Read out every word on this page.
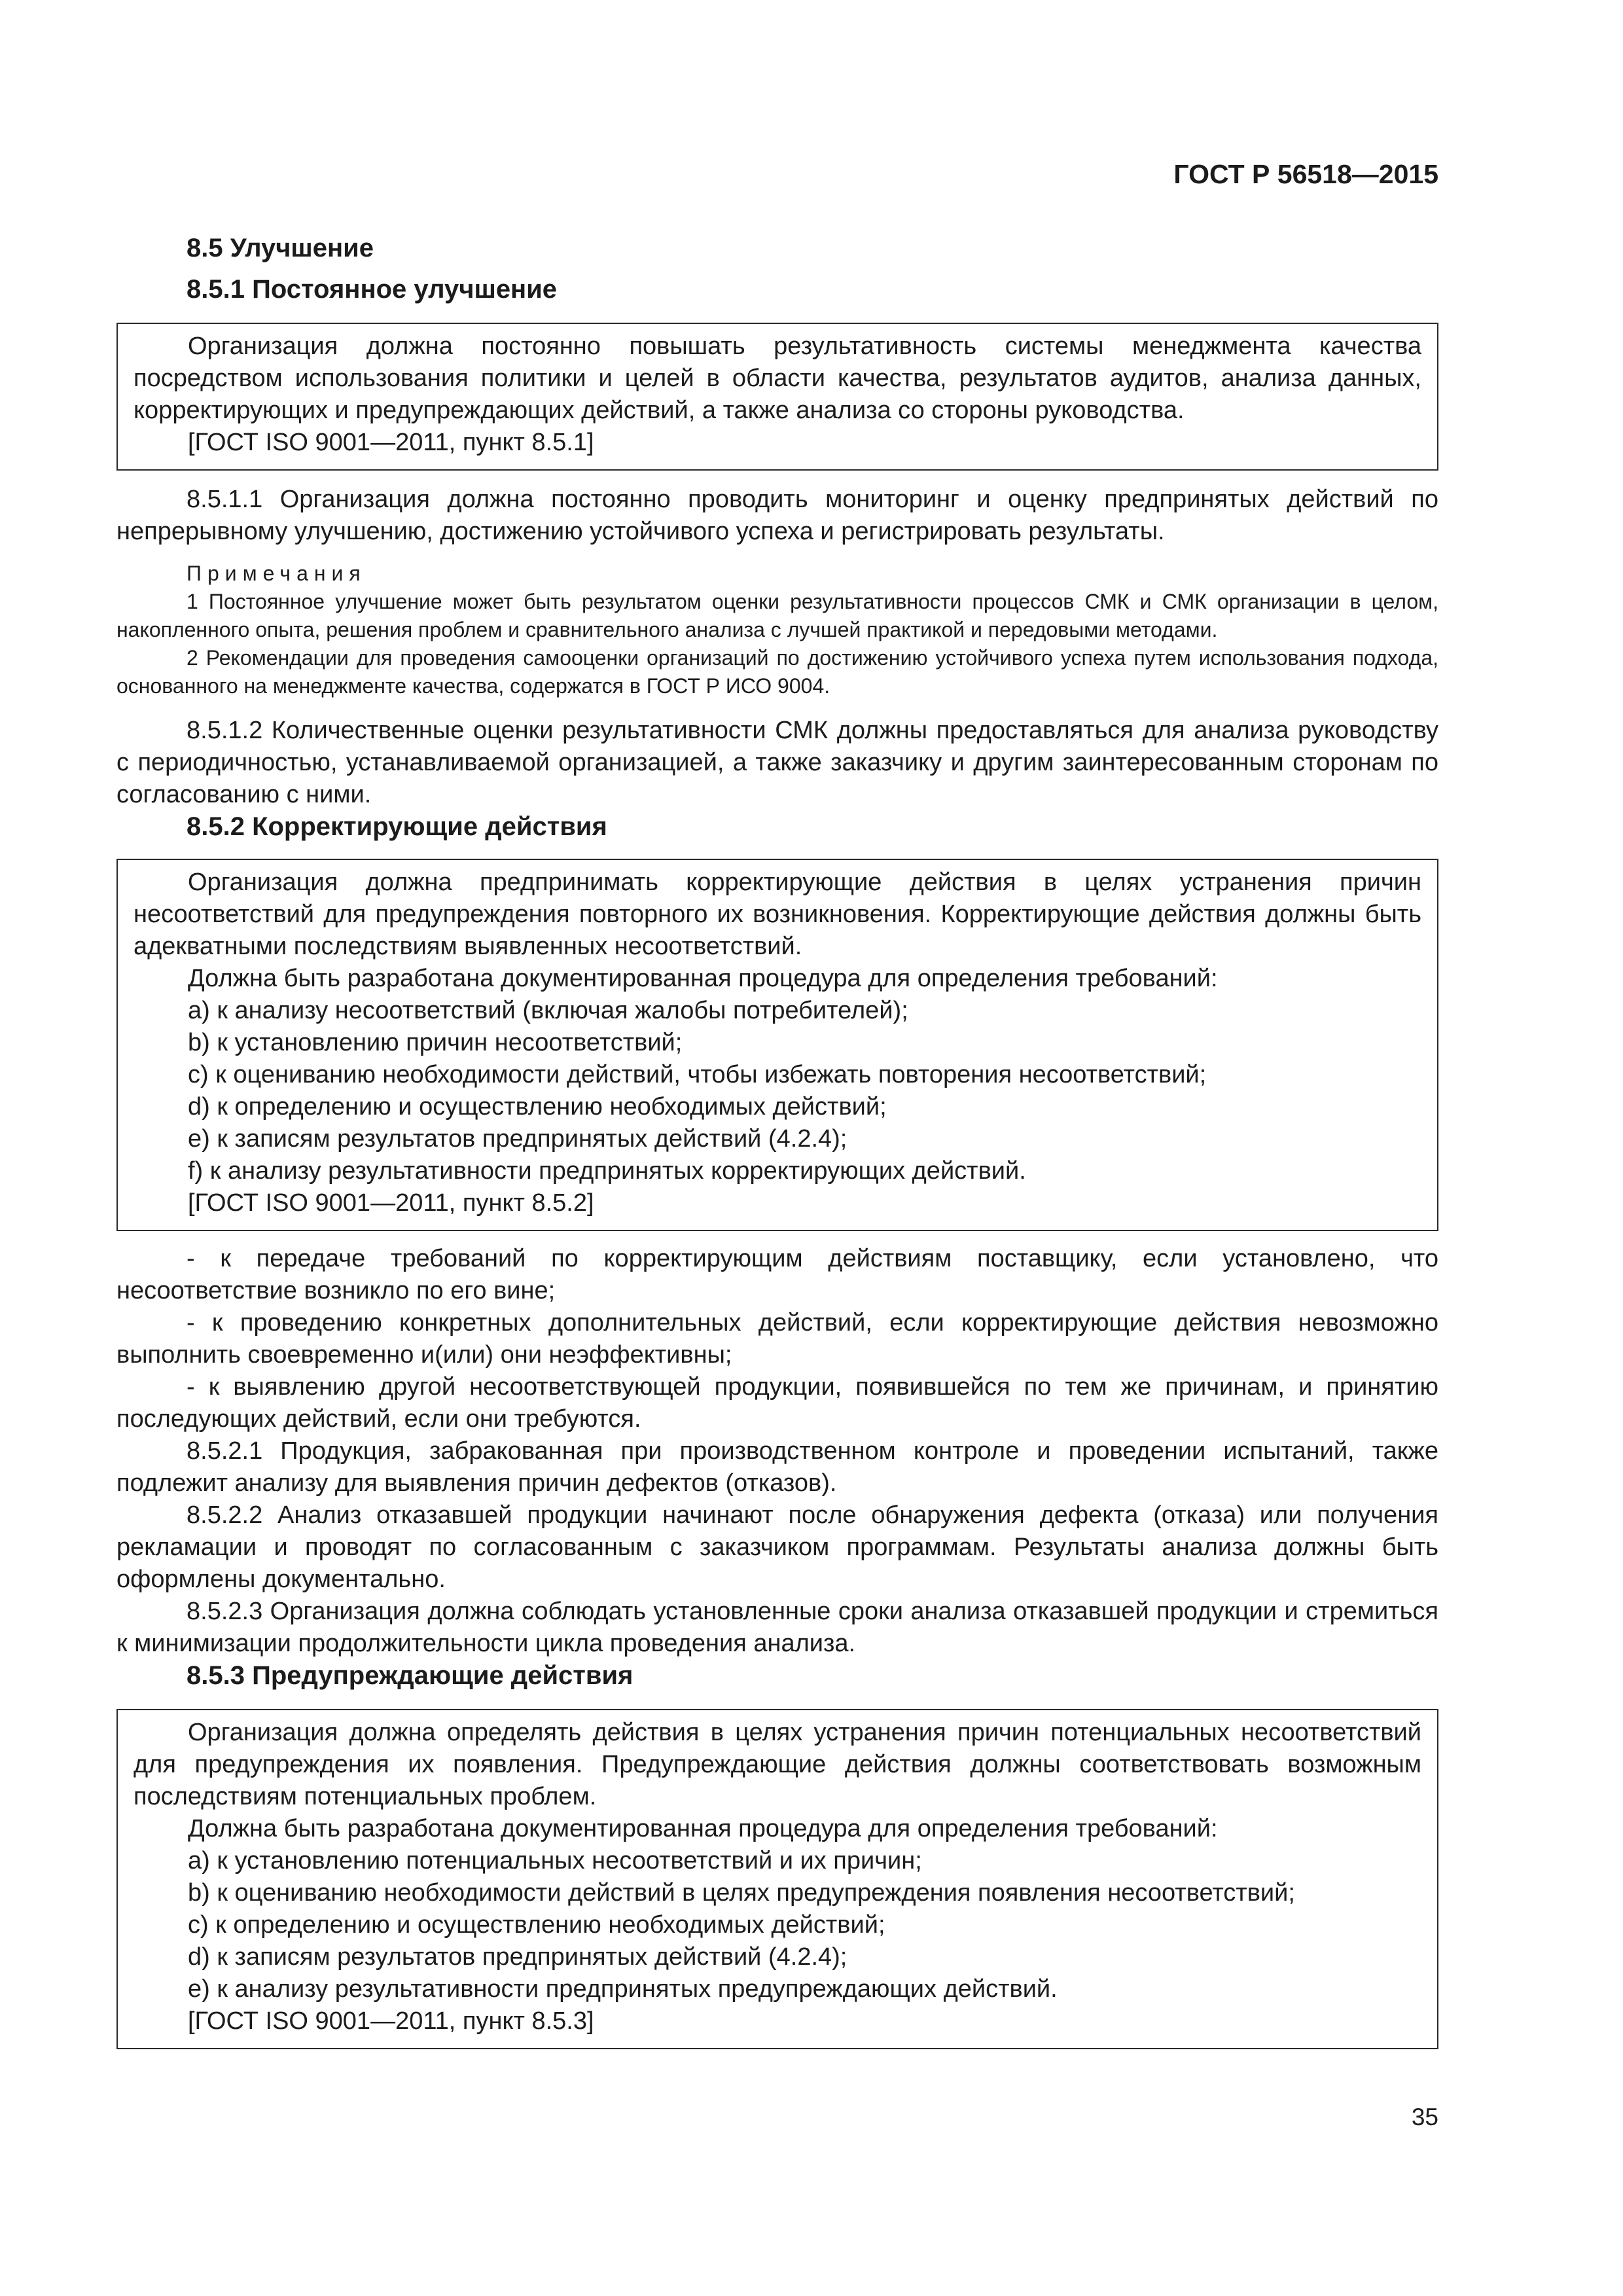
ГОСТ Р 56518—2015

8.5 Улучшение

8.5.1 Постоянное улучшение

Организация должна постоянно повышать результативность системы менеджмента качества посредством использования политики и целей в области качества, результатов аудитов, анализа данных, корректирующих и предупреждающих действий, а также анализа со стороны руководства.

[ГОСТ ISO 9001—2011, пункт 8.5.1]

8.5.1.1 Организация должна постоянно проводить мониторинг и оценку предпринятых действий по непрерывному улучшению, достижению устойчивого успеха и регистрировать результаты.

Примечания

1 Постоянное улучшение может быть результатом оценки результативности процессов СМК и СМК организации в целом, накопленного опыта, решения проблем и сравнительного анализа с лучшей практикой и передовыми методами.

2 Рекомендации для проведения самооценки организаций по достижению устойчивого успеха путем использования подхода, основанного на менеджменте качества, содержатся в ГОСТ Р ИСО 9004.

8.5.1.2 Количественные оценки результативности СМК должны предоставляться для анализа руководству с периодичностью, устанавливаемой организацией, а также заказчику и другим заинтересованным сторонам по согласованию с ними.

8.5.2 Корректирующие действия

Организация должна предпринимать корректирующие действия в целях устранения причин несоответствий для предупреждения повторного их возникновения. Корректирующие действия должны быть адекватными последствиям выявленных несоответствий.

Должна быть разработана документированная процедура для определения требований:

a) к анализу несоответствий (включая жалобы потребителей);
b) к установлению причин несоответствий;
c) к оцениванию необходимости действий, чтобы избежать повторения несоответствий;
d) к определению и осуществлению необходимых действий;
e) к записям результатов предпринятых действий (4.2.4);
f) к анализу результативности предпринятых корректирующих действий.
[ГОСТ ISO 9001—2011, пункт 8.5.2]

- к передаче требований по корректирующим действиям поставщику, если установлено, что несоответствие возникло по его вине;

- к проведению конкретных дополнительных действий, если корректирующие действия невозможно выполнить своевременно и(или) они неэффективны;

- к выявлению другой несоответствующей продукции, появившейся по тем же причинам, и принятию последующих действий, если они требуются.

8.5.2.1 Продукция, забракованная при производственном контроле и проведении испытаний, также подлежит анализу для выявления причин дефектов (отказов).

8.5.2.2 Анализ отказавшей продукции начинают после обнаружения дефекта (отказа) или получения рекламации и проводят по согласованным с заказчиком программам. Результаты анализа должны быть оформлены документально.

8.5.2.3 Организация должна соблюдать установленные сроки анализа отказавшей продукции и стремиться к минимизации продолжительности цикла проведения анализа.

8.5.3 Предупреждающие действия

Организация должна определять действия в целях устранения причин потенциальных несоответствий для предупреждения их появления. Предупреждающие действия должны соответствовать возможным последствиям потенциальных проблем.

Должна быть разработана документированная процедура для определения требований:

a) к установлению потенциальных несоответствий и их причин;
b) к оцениванию необходимости действий в целях предупреждения появления несоответствий;
c) к определению и осуществлению необходимых действий;
d) к записям результатов предпринятых действий (4.2.4);
e) к анализу результативности предпринятых предупреждающих действий.
[ГОСТ ISO 9001—2011, пункт 8.5.3]
35
